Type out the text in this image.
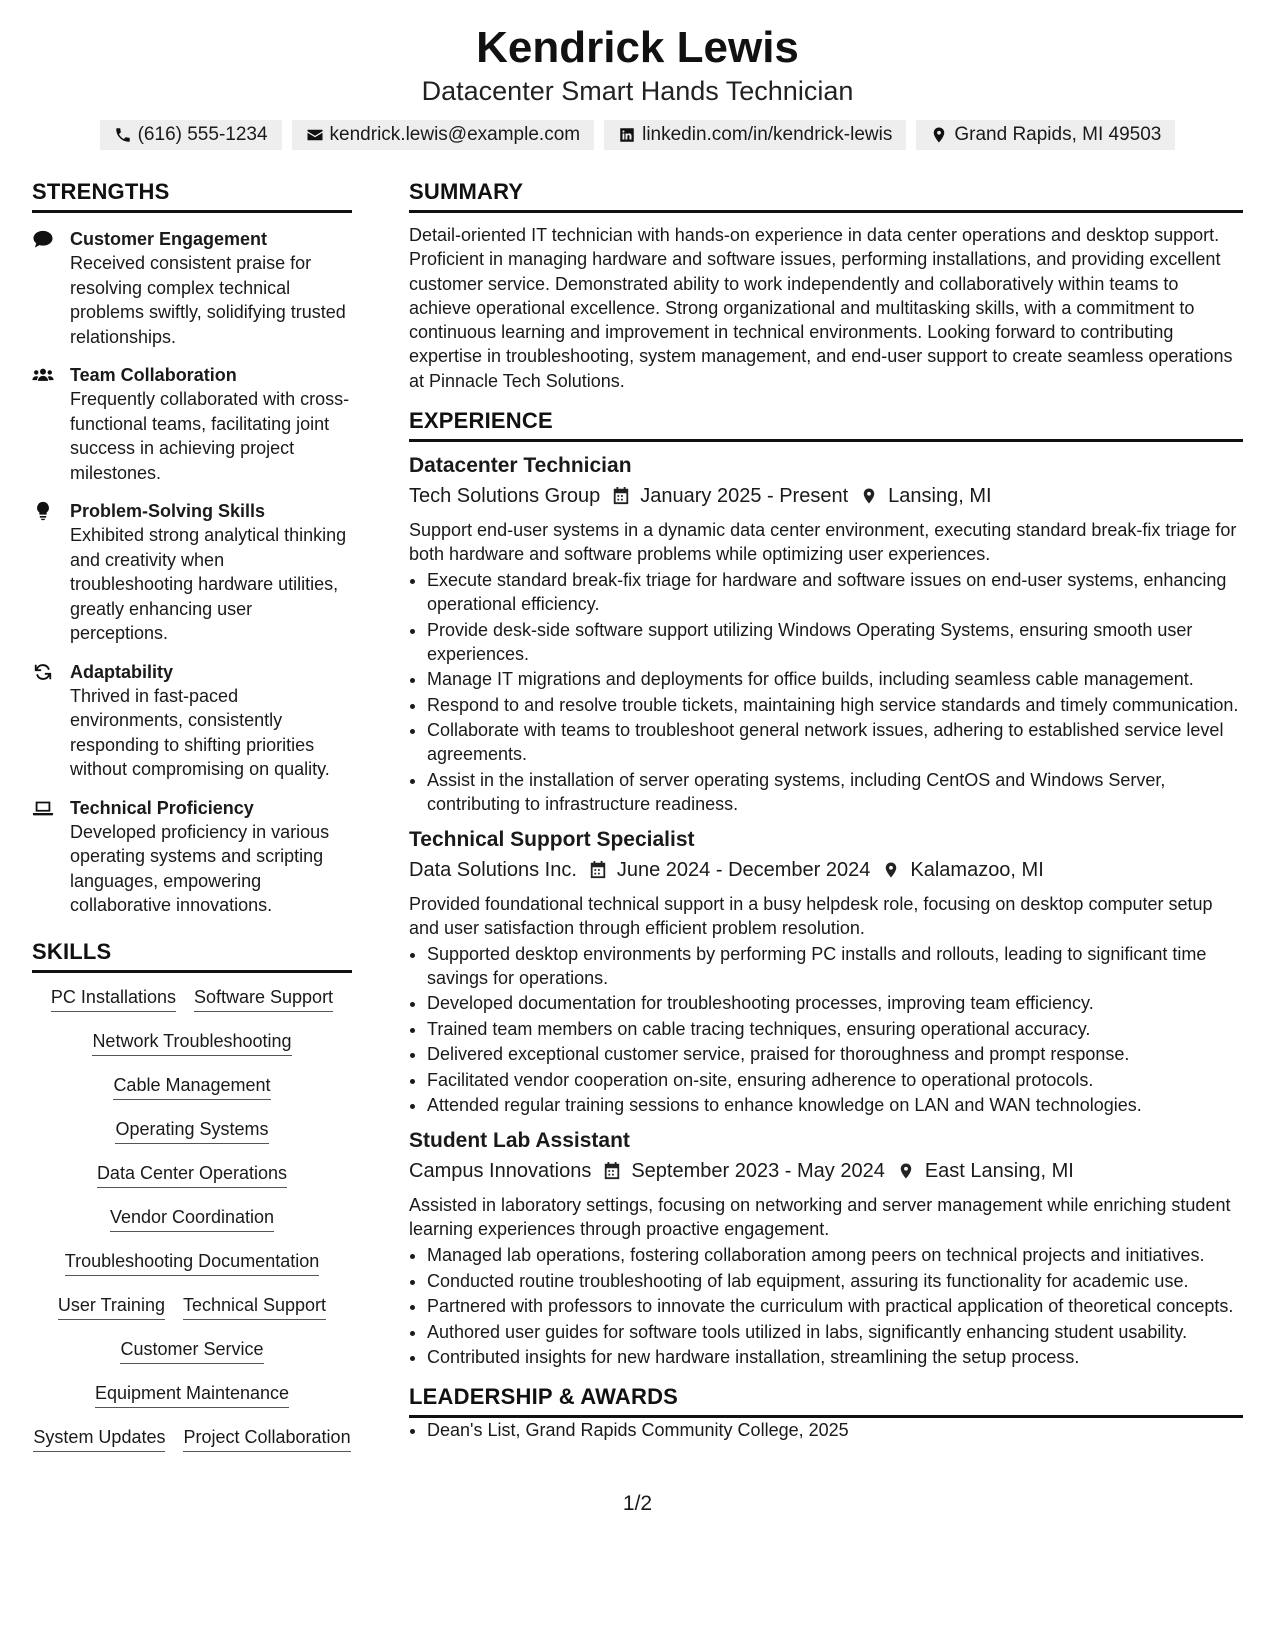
Kendrick Lewis

Datacenter Smart Hands Technician

(616) 555-1234	kendrick.lewis@example.com	linkedin.com/in/kendrick-lewis	Grand Rapids, MI 49503
STRENGTHS
Customer Engagement
Received consistent praise for resolving complex technical problems swiftly, solidifying trusted relationships.
Team Collaboration
Frequently collaborated with cross-functional teams, facilitating joint success in achieving project milestones.
Problem-Solving Skills
Exhibited strong analytical thinking and creativity when troubleshooting hardware utilities, greatly enhancing user perceptions.
Adaptability
Thrived in fast-paced environments, consistently responding to shifting priorities without compromising on quality.
Technical Proficiency
Developed proficiency in various operating systems and scripting languages, empowering collaborative innovations.
SKILLS
PC Installations Software Support
Network Troubleshooting
Cable Management
Operating Systems
Data Center Operations
Vendor Coordination
Troubleshooting Documentation
User Training Technical Support
Customer Service
Equipment Maintenance
System Updates Project Collaboration
SUMMARY

Detail-oriented IT technician with hands-on experience in data center operations and desktop support. Proficient in managing hardware and software issues, performing installations, and providing excellent customer service. Demonstrated ability to work independently and collaboratively within teams to achieve operational excellence. Strong organizational and multitasking skills, with a commitment to continuous learning and improvement in technical environments. Looking forward to contributing expertise in troubleshooting, system management, and end-user support to create seamless operations at Pinnacle Tech Solutions.

EXPERIENCE
Datacenter Technician
Tech Solutions Group January 2025 - Present Lansing, MI

Support end-user systems in a dynamic data center environment, executing standard break-fix triage for both hardware and software problems while optimizing user experiences.

• Execute standard break-fix triage for hardware and software issues on end-user systems, enhancing operational efficiency.
• Provide desk-side software support utilizing Windows Operating Systems, ensuring smooth user experiences.
• Manage IT migrations and deployments for office builds, including seamless cable management.
• Respond to and resolve trouble tickets, maintaining high service standards and timely communication.
• Collaborate with teams to troubleshoot general network issues, adhering to established service level agreements.
• Assist in the installation of server operating systems, including CentOS and Windows Server, contributing to infrastructure readiness.
Technical Support Specialist
Data Solutions Inc. June 2024 - December 2024 Kalamazoo, MI

Provided foundational technical support in a busy helpdesk role, focusing on desktop computer setup and user satisfaction through efficient problem resolution.

• Supported desktop environments by performing PC installs and rollouts, leading to significant time savings for operations.
• Developed documentation for troubleshooting processes, improving team efficiency.
• Trained team members on cable tracing techniques, ensuring operational accuracy.
• Delivered exceptional customer service, praised for thoroughness and prompt response.
• Facilitated vendor cooperation on-site, ensuring adherence to operational protocols.
• Attended regular training sessions to enhance knowledge on LAN and WAN technologies.
Student Lab Assistant
Campus Innovations September 2023 - May 2024 East Lansing, MI

Assisted in laboratory settings, focusing on networking and server management while enriching student learning experiences through proactive engagement.

• Managed lab operations, fostering collaboration among peers on technical projects and initiatives.
• Conducted routine troubleshooting of lab equipment, assuring its functionality for academic use.
• Partnered with professors to innovate the curriculum with practical application of theoretical concepts.
• Authored user guides for software tools utilized in labs, significantly enhancing student usability.
• Contributed insights for new hardware installation, streamlining the setup process.
LEADERSHIP & AWARDS
• Dean's List, Grand Rapids Community College, 2025
1/2
